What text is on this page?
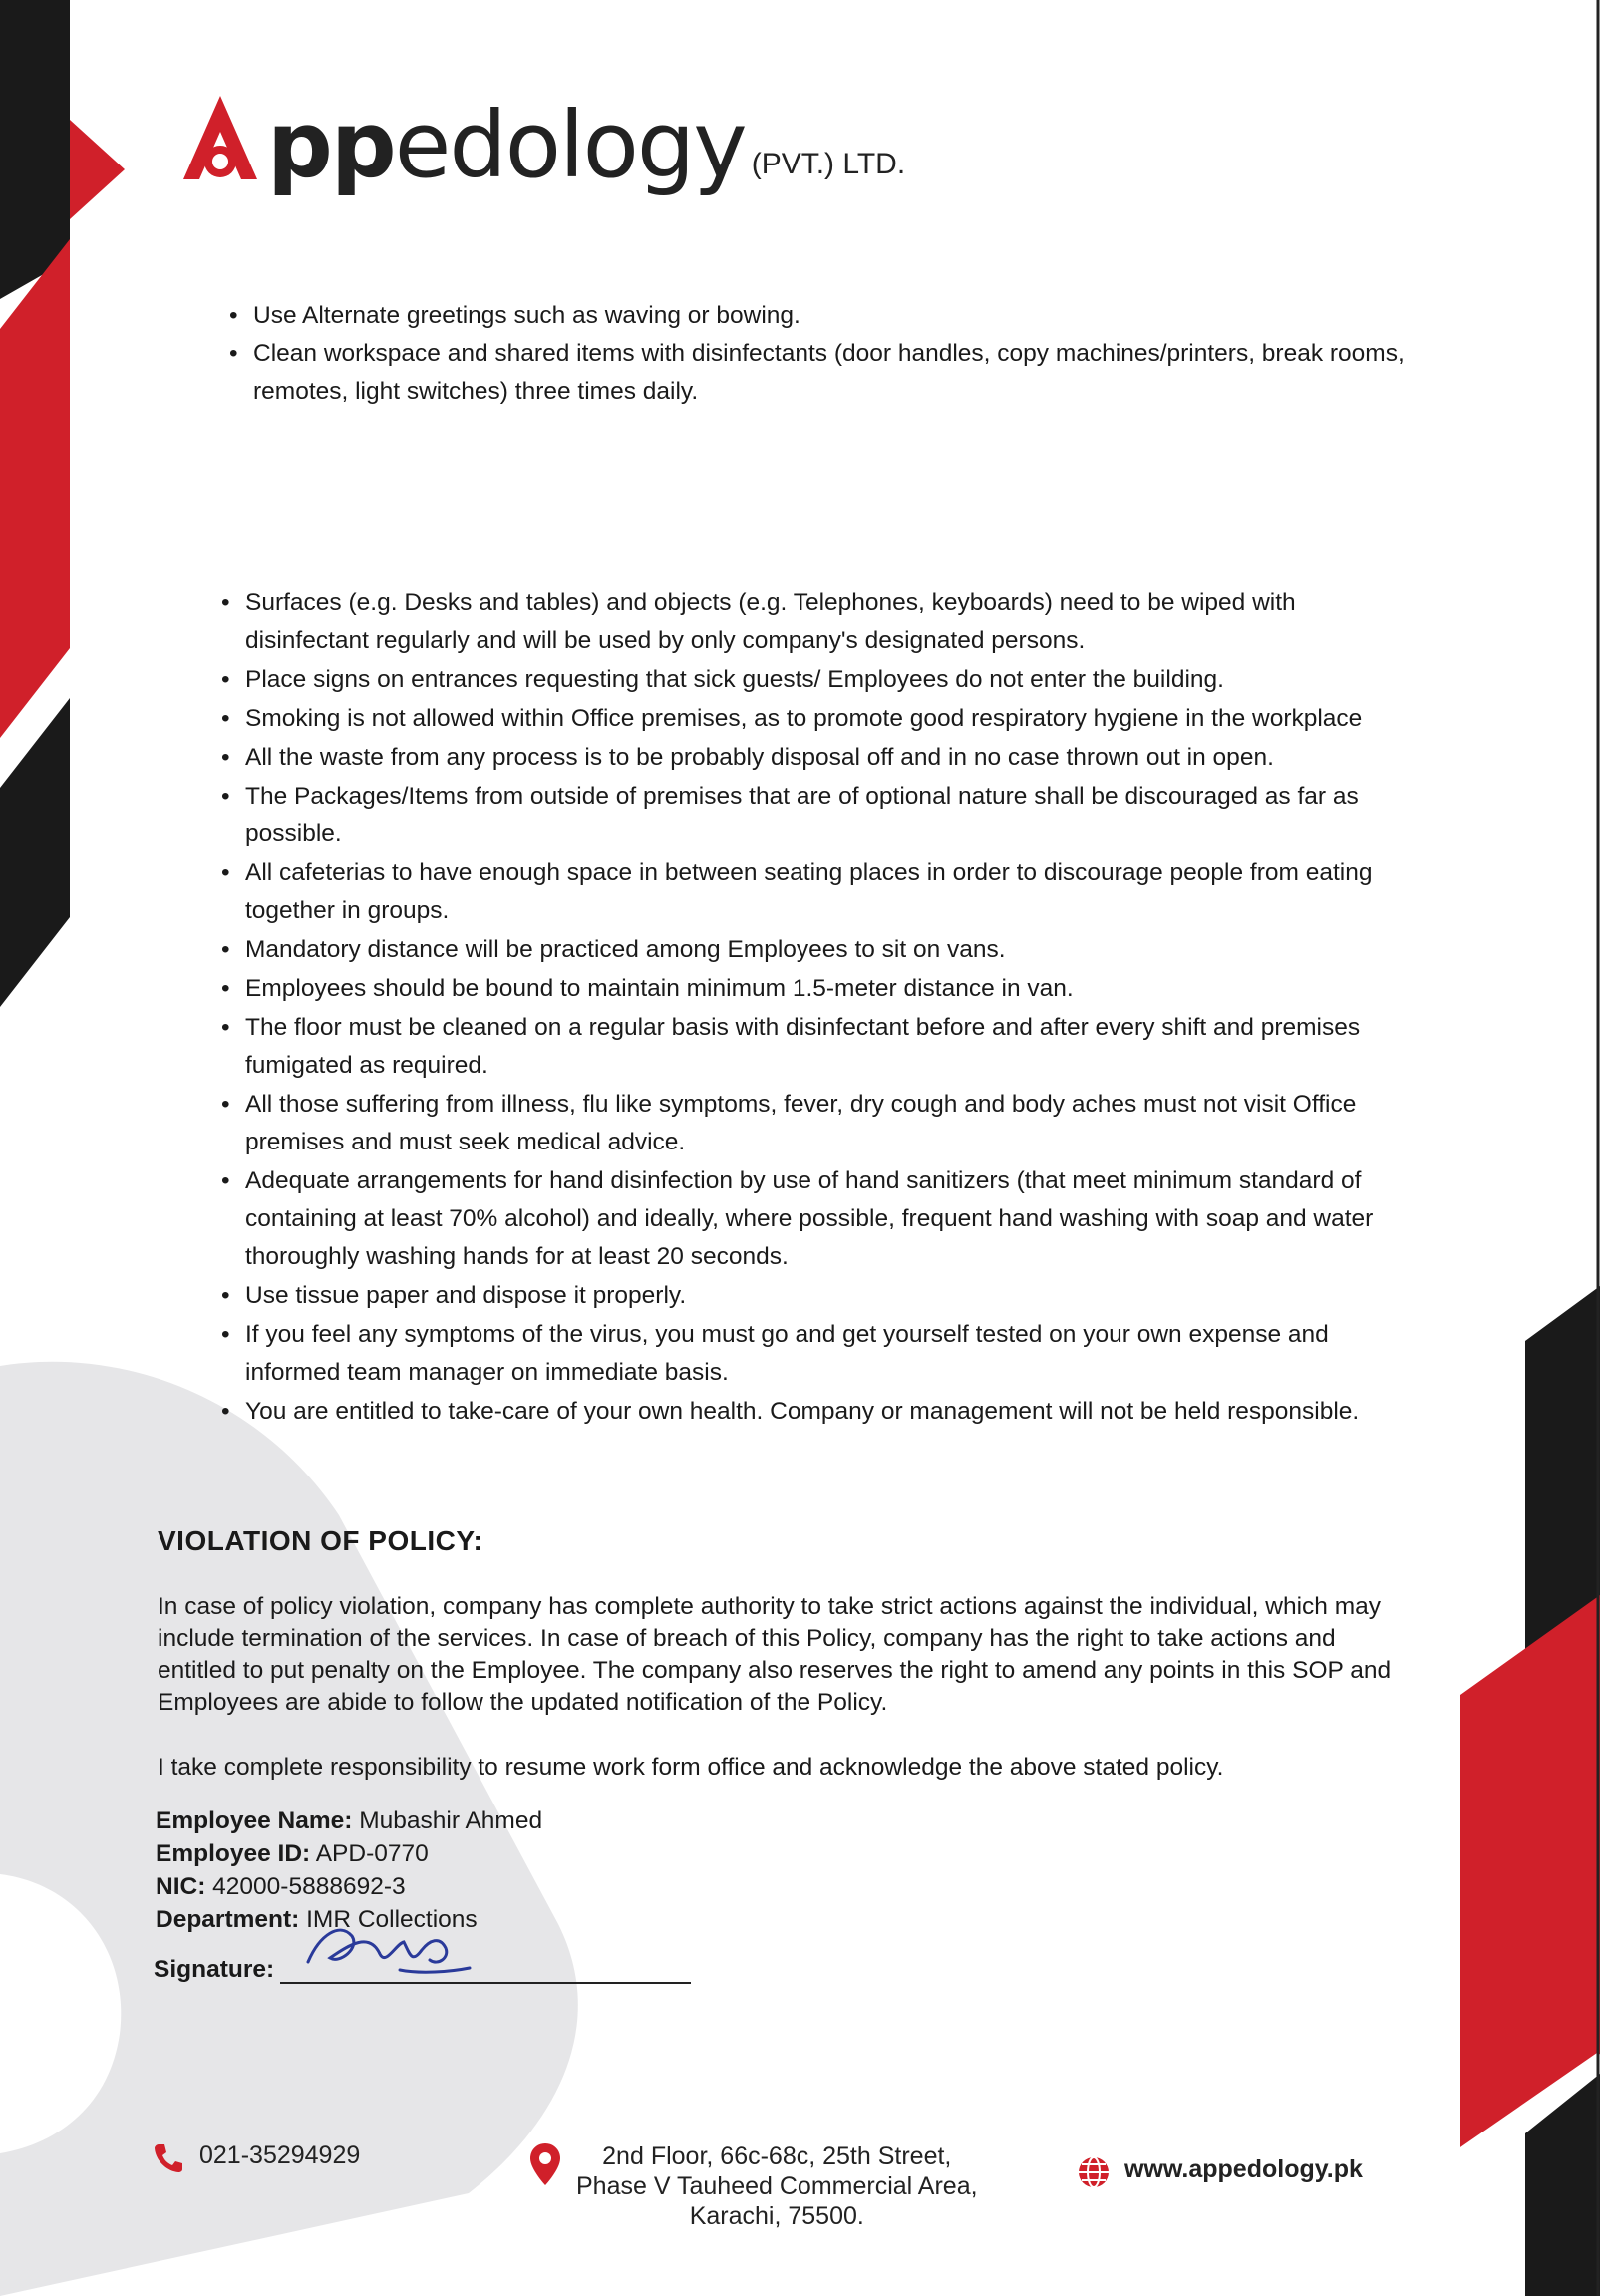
ppedology (PVT.) LTD.
• Use Alternate greetings such as waving or bowing.
• Clean workspace and shared items with disinfectants (door handles, copy machines/printers, break rooms, remotes, light switches) three times daily.
• Surfaces (e.g. Desks and tables) and objects (e.g. Telephones, keyboards) need to be wiped with disinfectant regularly and will be used by only company's designated persons.
• Place signs on entrances requesting that sick guests/ Employees do not enter the building.
• Smoking is not allowed within Office premises, as to promote good respiratory hygiene in the workplace
• All the waste from any process is to be probably disposal off and in no case thrown out in open.
• The Packages/Items from outside of premises that are of optional nature shall be discouraged as far as possible.
• All cafeterias to have enough space in between seating places in order to discourage people from eating together in groups.
• Mandatory distance will be practiced among Employees to sit on vans.
• Employees should be bound to maintain minimum 1.5-meter distance in van.
• The floor must be cleaned on a regular basis with disinfectant before and after every shift and premises fumigated as required.
• All those suffering from illness, flu like symptoms, fever, dry cough and body aches must not visit Office premises and must seek medical advice.
• Adequate arrangements for hand disinfection by use of hand sanitizers (that meet minimum standard of containing at least 70% alcohol) and ideally, where possible, frequent hand washing with soap and water thoroughly washing hands for at least 20 seconds.
• Use tissue paper and dispose it properly.
• If you feel any symptoms of the virus, you must go and get yourself tested on your own expense and informed team manager on immediate basis.
• You are entitled to take-care of your own health. Company or management will not be held responsible.
VIOLATION OF POLICY:
In case of policy violation, company has complete authority to take strict actions against the individual, which may include termination of the services. In case of breach of this Policy, company has the right to take actions and entitled to put penalty on the Employee. The company also reserves the right to amend any points in this SOP and Employees are abide to follow the updated notification of the Policy.
I take complete responsibility to resume work form office and acknowledge the above stated policy.
Employee Name: Mubashir Ahmed
Employee ID: APD-0770
NIC: 42000-5888692-3
Department: IMR Collections
Signature:
021-35294929	2nd Floor, 66c-68c, 25th Street,
Phase V Tauheed Commercial Area,
Karachi, 75500.
www.appedology.pk
